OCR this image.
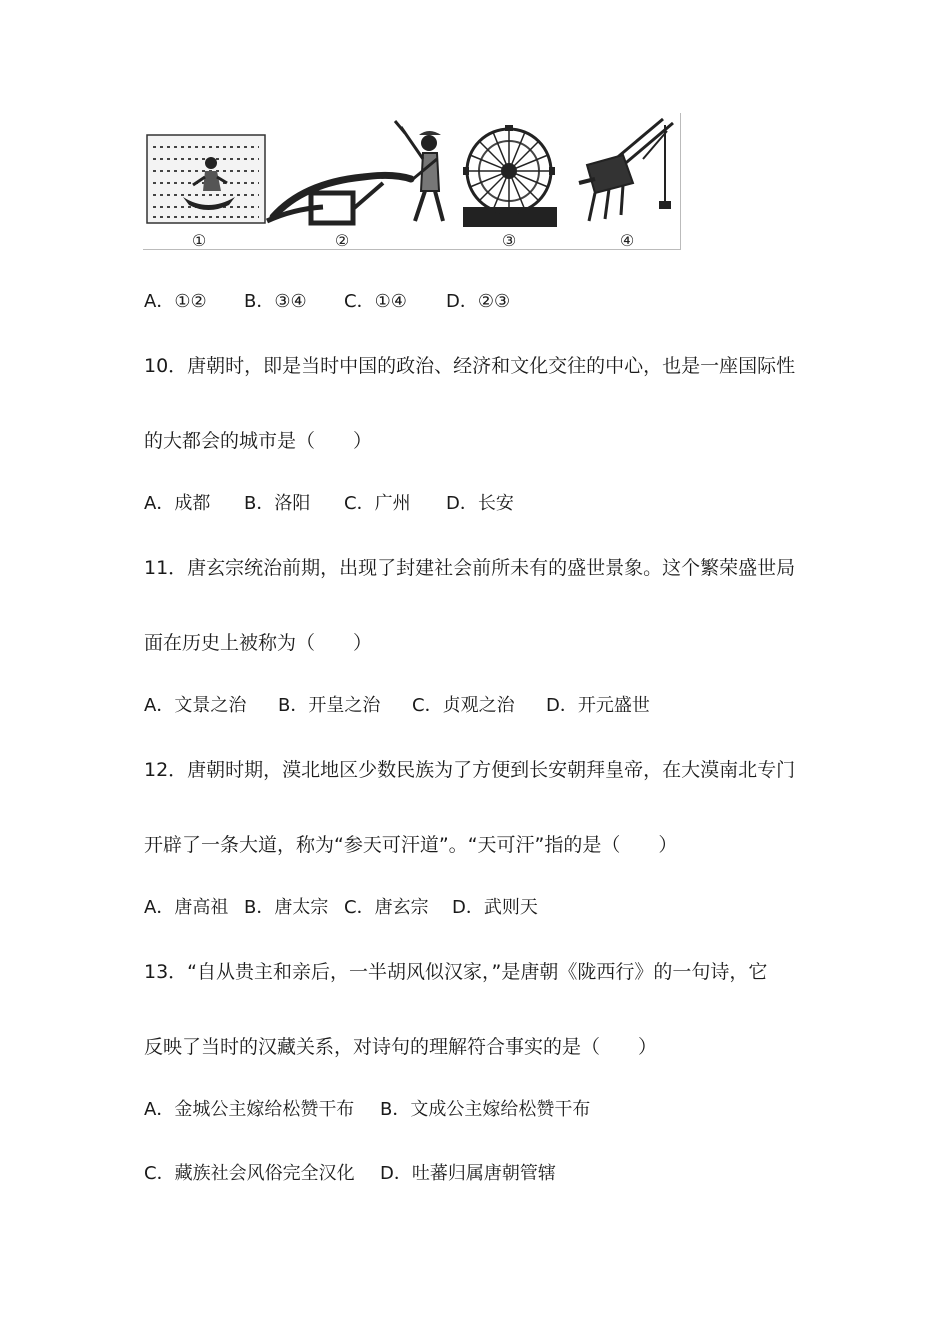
①	②	③	④
A．①② B．③④ C．①④ D．②③
10．唐朝时，即是当时中国的政治、经济和文化交往的中心，也是一座国际性
的大都会的城市是（　　）
A．成都 B．洛阳 C．广州 D．长安
11．唐玄宗统治前期，出现了封建社会前所未有的盛世景象。这个繁荣盛世局
面在历史上被称为（　　）
A．文景之治 B．开皇之治 C．贞观之治 D．开元盛世
12．唐朝时期，漠北地区少数民族为了方便到长安朝拜皇帝，在大漠南北专门
开辟了一条大道，称为“参天可汗道”。“天可汗”指的是（　　）
A．唐高祖 B．唐太宗 C．唐玄宗 D．武则天
13．“自从贵主和亲后，一半胡风似汉家，”是唐朝《陇西行》的一句诗，它
反映了当时的汉藏关系，对诗句的理解符合事实的是（　　）
A．金城公主嫁给松赞干布 B．文成公主嫁给松赞干布
C．藏族社会风俗完全汉化 D．吐蕃归属唐朝管辖
